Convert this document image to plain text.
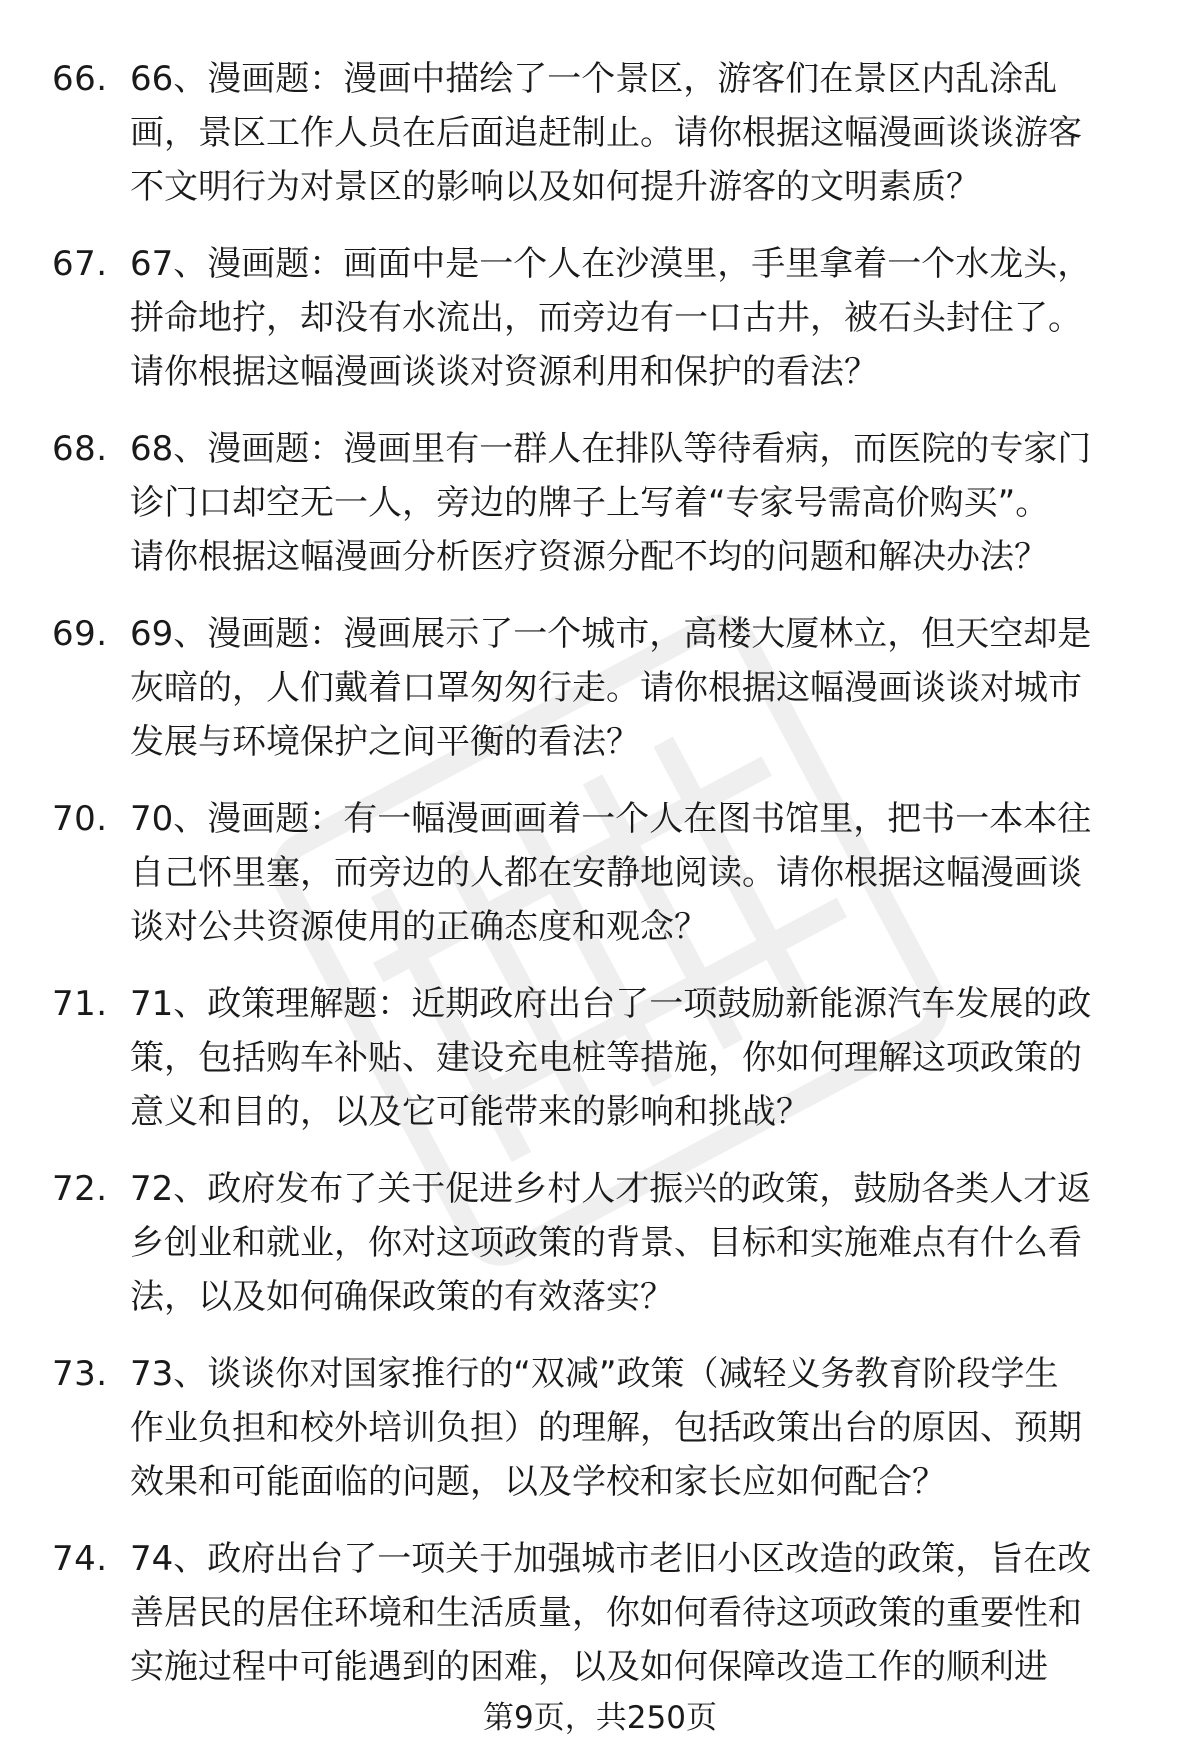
66. 66、漫画题：漫画中描绘了一个景区，游客们在景区内乱涂乱
画，景区工作人员在后面追赶制止。请你根据这幅漫画谈谈游客
不文明行为对景区的影响以及如何提升游客的文明素质？
67. 67、漫画题：画面中是一个人在沙漠里，手里拿着一个水龙头，
拼命地拧，却没有水流出，而旁边有一口古井，被石头封住了。
请你根据这幅漫画谈谈对资源利用和保护的看法？
68. 68、漫画题：漫画里有一群人在排队等待看病，而医院的专家门
诊门口却空无一人，旁边的牌子上写着“专家号需高价购买”。
请你根据这幅漫画分析医疗资源分配不均的问题和解决办法？
69. 69、漫画题：漫画展示了一个城市，高楼大厦林立，但天空却是
灰暗的，人们戴着口罩匆匆行走。请你根据这幅漫画谈谈对城市
发展与环境保护之间平衡的看法？
70. 70、漫画题：有一幅漫画画着一个人在图书馆里，把书一本本往
自己怀里塞，而旁边的人都在安静地阅读。请你根据这幅漫画谈
谈对公共资源使用的正确态度和观念？
71. 71、政策理解题：近期政府出台了一项鼓励新能源汽车发展的政
策，包括购车补贴、建设充电桩等措施，你如何理解这项政策的
意义和目的，以及它可能带来的影响和挑战？
72. 72、政府发布了关于促进乡村人才振兴的政策，鼓励各类人才返
乡创业和就业，你对这项政策的背景、目标和实施难点有什么看
法，以及如何确保政策的有效落实？
73. 73、谈谈你对国家推行的“双减”政策（减轻义务教育阶段学生
作业负担和校外培训负担）的理解，包括政策出台的原因、预期
效果和可能面临的问题，以及学校和家长应如何配合？
74. 74、政府出台了一项关于加强城市老旧小区改造的政策，旨在改
善居民的居住环境和生活质量，你如何看待这项政策的重要性和
实施过程中可能遇到的困难，以及如何保障改造工作的顺利进
第9页，共250页
